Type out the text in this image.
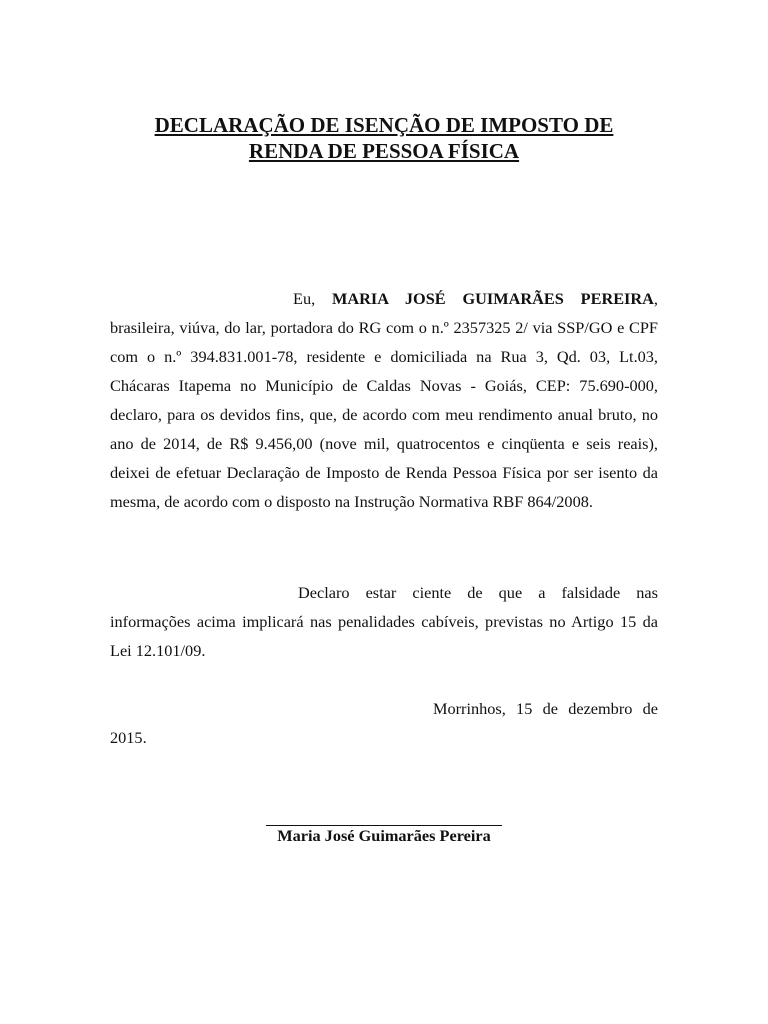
DECLARAÇÃO DE ISENÇÃO DE IMPOSTO DE
RENDA DE PESSOA FÍSICA

Eu, MARIA JOSÉ GUIMARÃES PEREIRA, brasileira, viúva, do lar, portadora do RG com o n.º 2357325 2/ via SSP/GO e CPF com o n.º 394.831.001-78, residente e domiciliada na Rua 3, Qd. 03, Lt.03, Chácaras Itapema no Município de Caldas Novas - Goiás, CEP: 75.690-000, declaro, para os devidos fins, que, de acordo com meu rendimento anual bruto, no ano de 2014, de R$ 9.456,00 (nove mil, quatrocentos e cinqüenta e seis reais), deixei de efetuar Declaração de Imposto de Renda Pessoa Física por ser isento da mesma, de acordo com o disposto na Instrução Normativa RBF 864/2008.

Declaro estar ciente de que a falsidade nas informações acima implicará nas penalidades cabíveis, previstas no Artigo 15 da Lei 12.101/09.

Morrinhos, 15 de dezembro de 2015.

Maria José Guimarães Pereira
